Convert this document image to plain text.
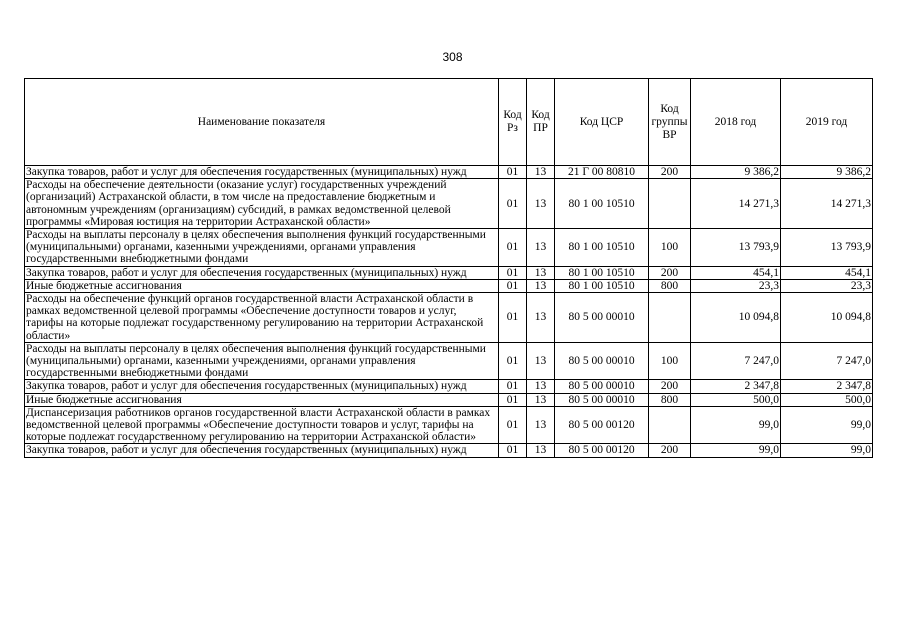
308
Наименование показателя	Код Рз	Код ПР	Код ЦСР	Код группы ВР	2018 год	2019 год
Закупка товаров, работ и услуг для обеспечения государственных (муниципальных) нужд	01	13	21 Г 00 80810	200	9 386,2	9 386,2
Расходы на обеспечение деятельности (оказание услуг) государственных учреждений (организаций) Астраханской области, в том числе на предоставление бюджетным и автономным учреждениям (организациям) субсидий, в рамках ведомственной целевой программы «Мировая юстиция на территории Астраханской области»	01	13	80 1 00 10510		14 271,3	14 271,3
Расходы на выплаты персоналу в целях обеспечения выполнения функций государственными (муниципальными) органами, казенными учреждениями, органами управления государственными внебюджетными фондами	01	13	80 1 00 10510	100	13 793,9	13 793,9
Закупка товаров, работ и услуг для обеспечения государственных (муниципальных) нужд	01	13	80 1 00 10510	200	454,1	454,1
Иные бюджетные ассигнования	01	13	80 1 00 10510	800	23,3	23,3
Расходы на обеспечение функций органов государственной власти Астраханской области в рамках ведомственной целевой программы «Обеспечение доступности товаров и услуг, тарифы на которые подлежат государственному регулированию на территории Астраханской области»	01	13	80 5 00 00010		10 094,8	10 094,8
Расходы на выплаты персоналу в целях обеспечения выполнения функций государственными (муниципальными) органами, казенными учреждениями, органами управления государственными внебюджетными фондами	01	13	80 5 00 00010	100	7 247,0	7 247,0
Закупка товаров, работ и услуг для обеспечения государственных (муниципальных) нужд	01	13	80 5 00 00010	200	2 347,8	2 347,8
Иные бюджетные ассигнования	01	13	80 5 00 00010	800	500,0	500,0
Диспансеризация работников органов государственной власти Астраханской области в рамках ведомственной целевой программы «Обеспечение доступности товаров и услуг, тарифы на которые подлежат государственному регулированию на территории Астраханской области»	01	13	80 5 00 00120		99,0	99,0
Закупка товаров, работ и услуг для обеспечения государственных (муниципальных) нужд	01	13	80 5 00 00120	200	99,0	99,0
